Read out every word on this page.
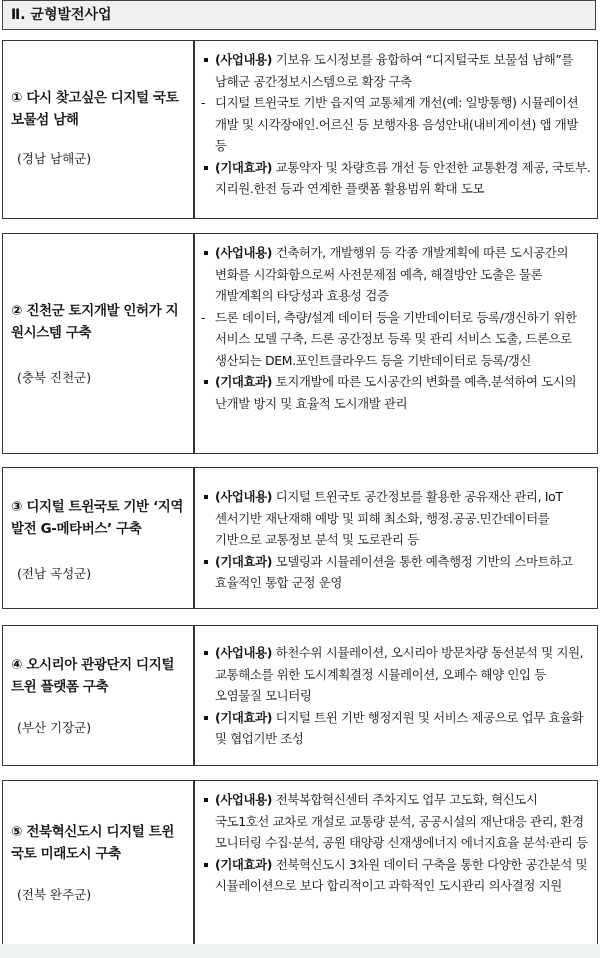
Ⅱ. 균형발전사업
① 다시 찾고싶은 디지털 국토 보물섬 남해
(경남 남해군)
(사업내용) 기보유 도시정보를 융합하여 “디지털국토 보물섬 남해”를 남해군 공간정보시스템으로 확장 구축
- 디지털 트윈국토 기반 읍지역 교통체계 개선(예: 일방통행) 시뮬레이션 개발 및 시각장애인.어르신 등 보행자용 음성안내(내비게이션) 앱 개발 등
(기대효과) 교통약자 및 차량흐름 개선 등 안전한 교통환경 제공, 국토부.지리원.한전 등과 연계한 플랫폼 활용범위 확대 도모
② 진천군 토지개발 인허가 지원시스템 구축
(충북 진천군)
(사업내용) 건축허가, 개발행위 등 각종 개발계획에 따른 도시공간의 변화를 시각화함으로써 사전문제점 예측, 해결방안 도출은 물론 개발계획의 타당성과 효용성 검증
- 드론 데이터, 측량/설계 데이터 등을 기반데이터로 등록/갱신하기 위한 서비스 모델 구축, 드론 공간정보 등록 및 관리 서비스 도출, 드론으로 생산되는 DEM.포인트클라우드 등을 기반데이터로 등록/갱신
(기대효과) 토지개발에 따른 도시공간의 변화를 예측.분석하여 도시의 난개발 방지 및 효율적 도시개발 관리
③ 디지털 트윈국토 기반 ‘지역발전 G-메타버스’ 구축
(전남 곡성군)
(사업내용) 디지털 트윈국토 공간정보를 활용한 공유재산 관리, IoT 센서기반 재난재해 예방 및 피해 최소화, 행정.공공.민간데이터를 기반으로 교통정보 분석 및 도로관리 등
(기대효과) 모델링과 시뮬레이션을 통한 예측행정 기반의 스마트하고 효율적인 통합 군정 운영
④ 오시리아 관광단지 디지털 트윈 플랫폼 구축
(부산 기장군)
(사업내용) 하천수위 시뮬레이션, 오시리아 방문차량 동선분석 및 지원, 교통해소를 위한 도시계획결정 시뮬레이션, 오폐수 해양 인입 등 오염물질 모니터링
(기대효과) 디지털 트윈 기반 행정지원 및 서비스 제공으로 업무 효율화 및 협업기반 조성
⑤ 전북혁신도시 디지털 트윈국토 미래도시 구축
(전북 완주군)
(사업내용) 전북복합혁신센터 주차지도 업무 고도화, 혁신도시 국도1호선 교차로 개설로 교통량 분석, 공공시설의 재난대응 관리, 환경 모니터링 수집·분석, 공원 태양광 신재생에너지 에너지효율 분석·관리 등
(기대효과) 전북혁신도시 3차원 데이터 구축을 통한 다양한 공간분석 및 시뮬레이션으로 보다 합리적이고 과학적인 도시관리 의사결정 지원
